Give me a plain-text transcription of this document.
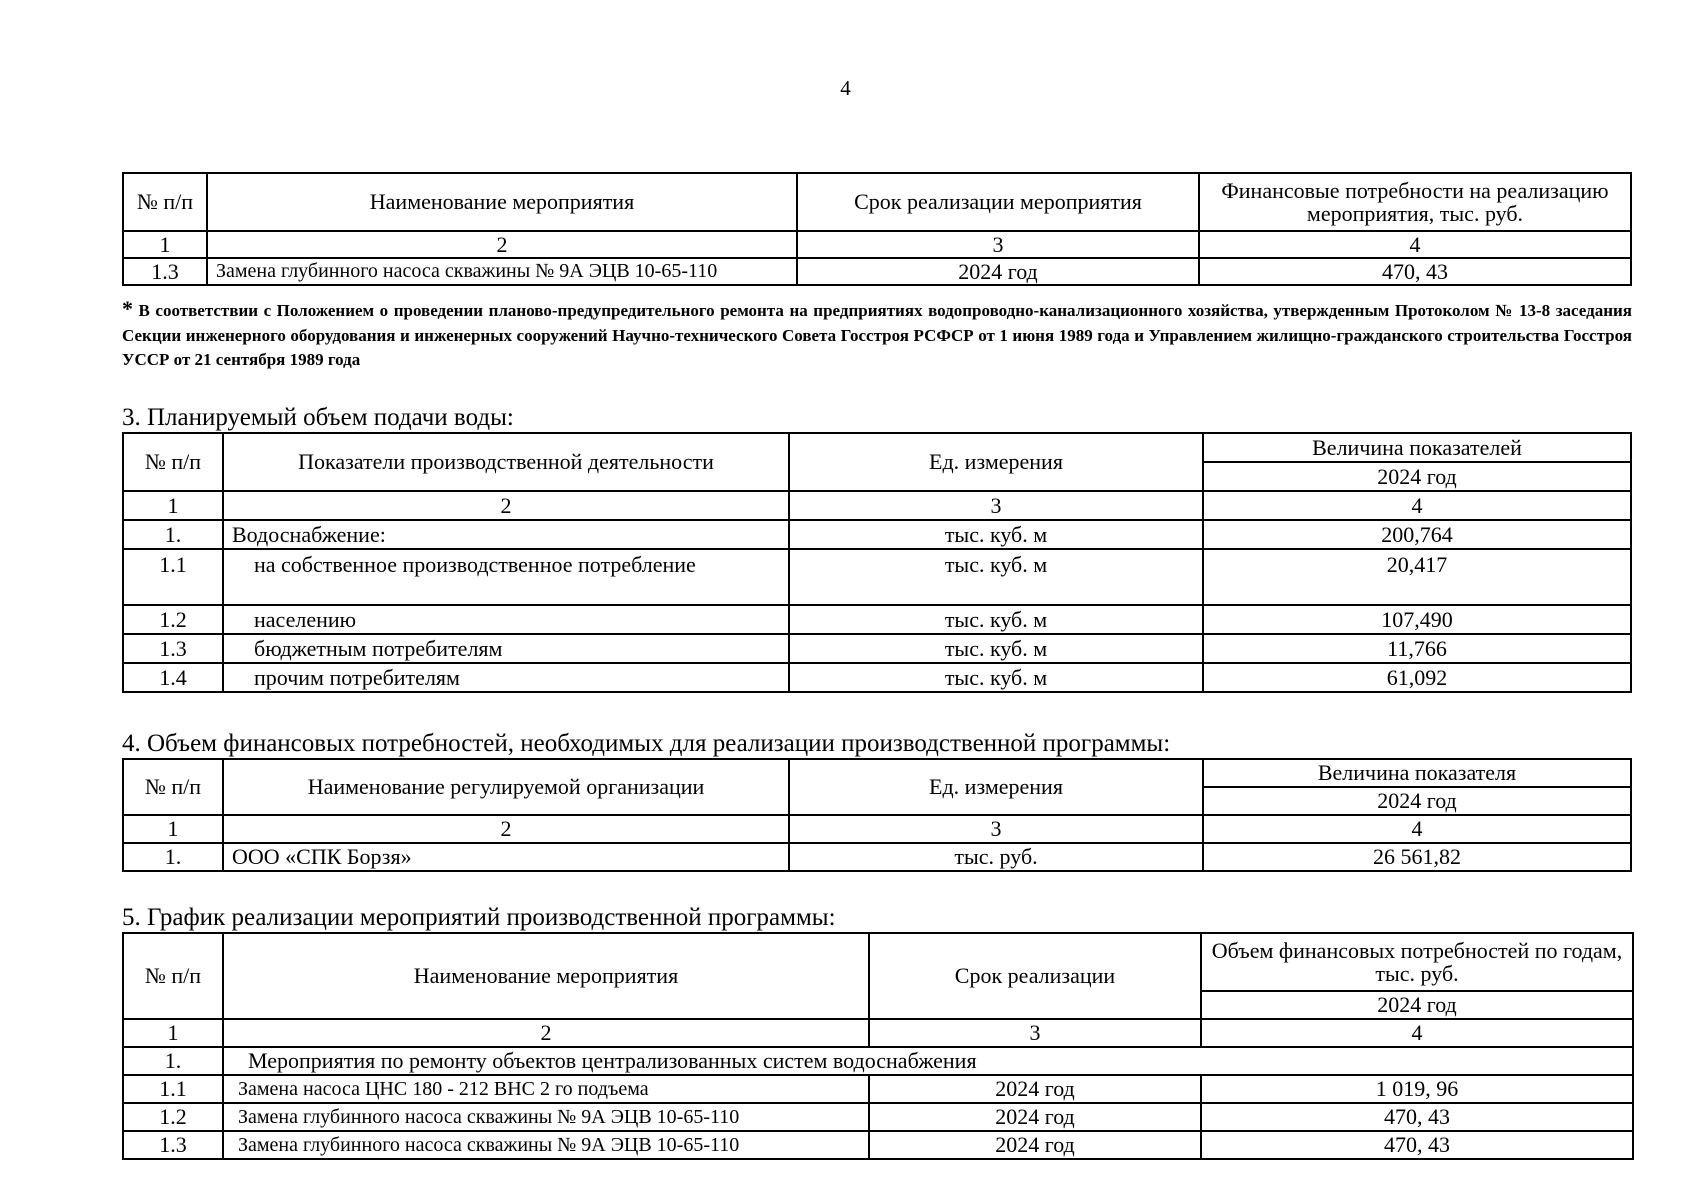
4
№ п/п	Наименование мероприятия	Срок реализации мероприятия	Финансовые потребности на реализацию мероприятия, тыс. руб.
1	2	3	4
1.3	Замена глубинного насоса скважины № 9А ЭЦВ 10-65-110	2024 год	470, 43
* В соответствии с Положением о проведении планово-предупредительного ремонта на предприятиях водопроводно-канализационного хозяйства, утвержденным Протоколом № 13-8 заседания Секции инженерного оборудования и инженерных сооружений Научно-технического Совета Госстроя РСФСР от 1 июня 1989 года и Управлением жилищно-гражданского строительства Госстроя УССР от 21 сентября 1989 года
3. Планируемый объем подачи воды:
№ п/п	Показатели производственной деятельности	Ед. измерения	Величина показателей
			2024 год
1	2	3	4
1.	Водоснабжение:	тыс. куб. м	200,764
1.1	на собственное производственное потребление	тыс. куб. м	20,417
1.2	населению	тыс. куб. м	107,490
1.3	бюджетным потребителям	тыс. куб. м	11,766
1.4	прочим потребителям	тыс. куб. м	61,092
4. Объем финансовых потребностей, необходимых для реализации производственной программы:
№ п/п	Наименование регулируемой организации	Ед. измерения	Величина показателя
			2024 год
1	2	3	4
1.	ООО «СПК Борзя»	тыс. руб.	26 561,82
5. График реализации мероприятий производственной программы:
№ п/п	Наименование мероприятия	Срок реализации	Объем финансовых потребностей по годам, тыс. руб.
			2024 год
1	2	3	4
1.	Мероприятия по ремонту объектов централизованных систем водоснабжения		
1.1	Замена насоса ЦНС 180 - 212 ВНС 2 го подъема	2024 год	1 019, 96
1.2	Замена глубинного насоса скважины № 9А ЭЦВ 10-65-110	2024 год	470, 43
1.3	Замена глубинного насоса скважины № 9А ЭЦВ 10-65-110	2024 год	470, 43
